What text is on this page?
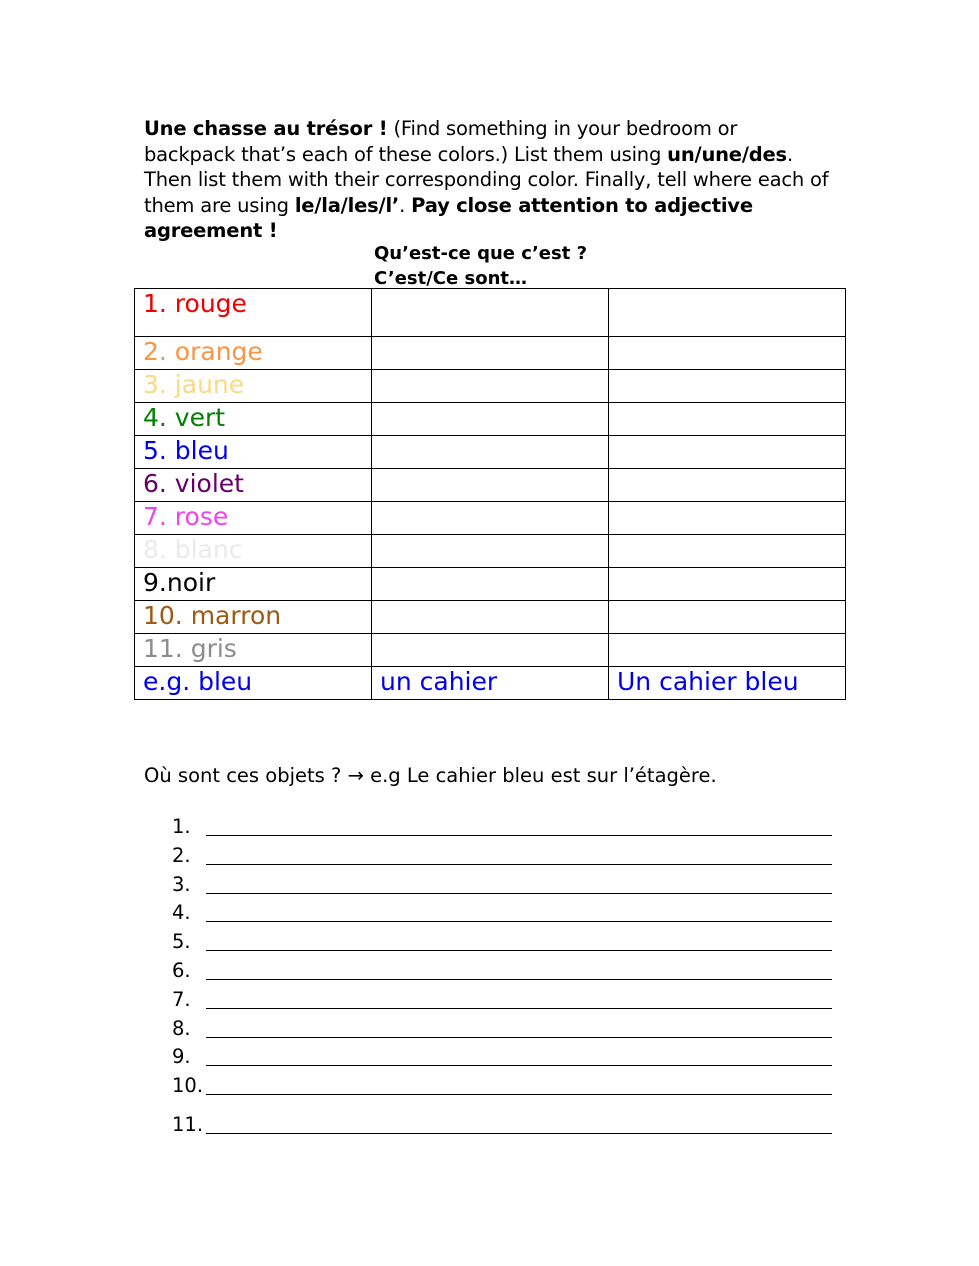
Une chasse au trésor ! (Find something in your bedroom or backpack that’s each of these colors.) List them using un/une/des. Then list them with their corresponding color. Finally, tell where each of them are using le/la/les/l’. Pay close attention to adjective agreement !
Qu’est-ce que c’est ?
C’est/Ce sont…
1. rouge		
2. orange		
3. jaune		
4. vert		
5. bleu		
6. violet		
7. rose		
8. blanc		
9.noir		
10. marron		
11. gris		
e.g. bleu	un cahier	Un cahier bleu
Où sont ces objets ? → e.g Le cahier bleu est sur l’étagère.
1.
2.
3.
4.
5.
6.
7.
8.
9.
10.
11.
